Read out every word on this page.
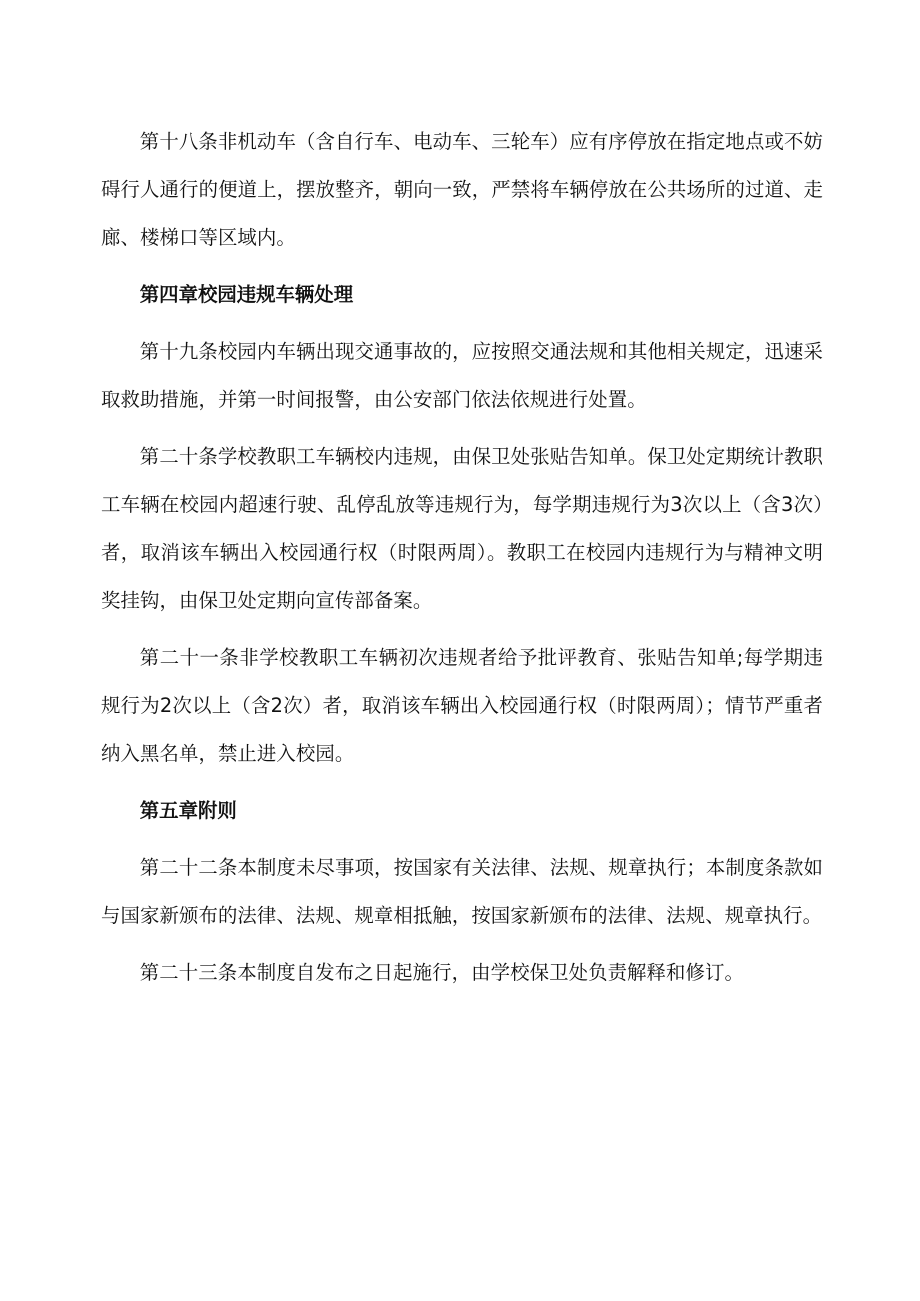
第十八条非机动车（含自行车、电动车、三轮车）应有序停放在指定地点或不妨碍行人通行的便道上，摆放整齐，朝向一致，严禁将车辆停放在公共场所的过道、走廊、楼梯口等区域内。

第四章校园违规车辆处理

第十九条校园内车辆出现交通事故的，应按照交通法规和其他相关规定，迅速采取救助措施，并第一时间报警，由公安部门依法依规进行处置。

第二十条学校教职工车辆校内违规，由保卫处张贴告知单。保卫处定期统计教职工车辆在校园内超速行驶、乱停乱放等违规行为，每学期违规行为3次以上（含3次）者，取消该车辆出入校园通行权（时限两周）。教职工在校园内违规行为与精神文明奖挂钩，由保卫处定期向宣传部备案。

第二十一条非学校教职工车辆初次违规者给予批评教育、张贴告知单;每学期违规行为2次以上（含2次）者，取消该车辆出入校园通行权（时限两周）；情节严重者纳入黑名单，禁止进入校园。

第五章附则

第二十二条本制度未尽事项，按国家有关法律、法规、规章执行；本制度条款如与国家新颁布的法律、法规、规章相抵触，按国家新颁布的法律、法规、规章执行。

第二十三条本制度自发布之日起施行，由学校保卫处负责解释和修订。
